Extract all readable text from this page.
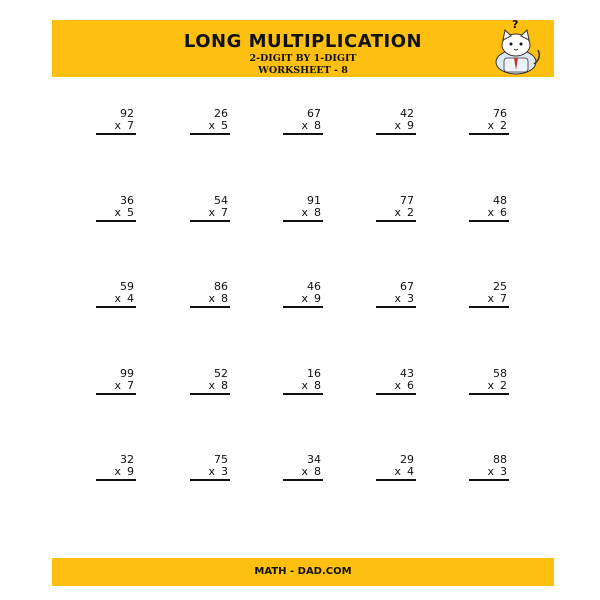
LONG MULTIPLICATION
2-DIGIT BY 1-DIGIT
WORKSHEET - 8
?
92
x 7
26
x 5
67
x 8
42
x 9
76
x 2
36
x 5
54
x 7
91
x 8
77
x 2
48
x 6
59
x 4
86
x 8
46
x 9
67
x 3
25
x 7
99
x 7
52
x 8
16
x 8
43
x 6
58
x 2
32
x 9
75
x 3
34
x 8
29
x 4
88
x 3
MATH - DAD.COM
